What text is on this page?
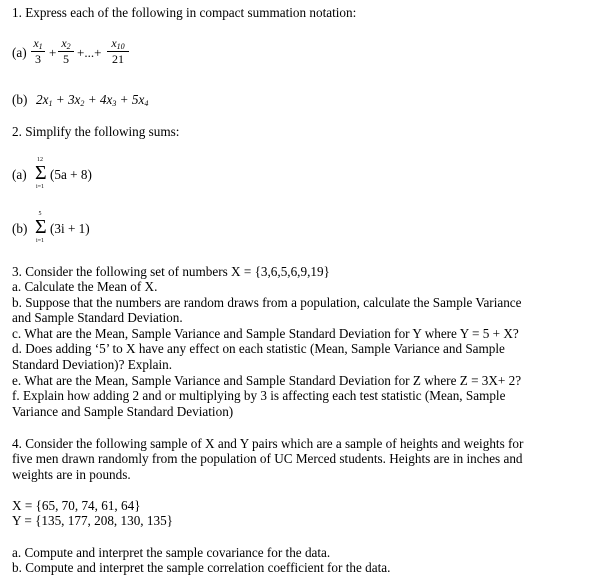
1. Express each of the following in compact summation notation:
(a)
$x_1$
3 +
$x_2$
5 +...+
$x_{10}$
21
(b) $2x_1 + 3x_2 + 4x_3 + 5x_4$
2. Simplify the following sums:
(a)
12
Σ
i=1
(5a + 8)
(b)
5
Σ
i=1
(3i + 1)
3. Consider the following set of numbers X = {3,6,5,6,9,19}
a. Calculate the Mean of X.
b. Suppose that the numbers are random draws from a population, calculate the Sample Variance
and Sample Standard Deviation.
c. What are the Mean, Sample Variance and Sample Standard Deviation for Y where Y = 5 + X?
d. Does adding ‘5’ to X have any effect on each statistic (Mean, Sample Variance and Sample
Standard Deviation)? Explain.
e. What are the Mean, Sample Variance and Sample Standard Deviation for Z where Z = 3X+ 2?
f. Explain how adding 2 and or multiplying by 3 is affecting each test statistic (Mean, Sample
Variance and Sample Standard Deviation)
4. Consider the following sample of X and Y pairs which are a sample of heights and weights for
five men drawn randomly from the population of UC Merced students. Heights are in inches and
weights are in pounds.
X = {65, 70, 74, 61, 64}
Y = {135, 177, 208, 130, 135}
a. Compute and interpret the sample covariance for the data.
b. Compute and interpret the sample correlation coefficient for the data.
